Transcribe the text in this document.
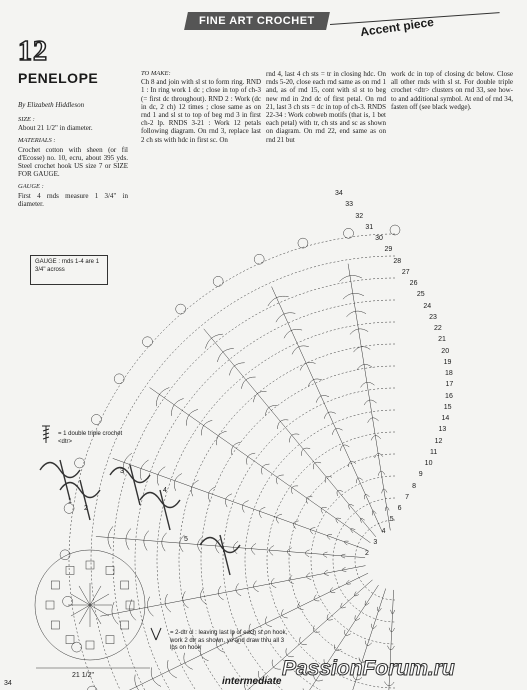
FINE ART CROCHET	Accent piece
12
PENELOPE
By Elizabeth Hiddleson
SIZE :
About 21 1/2" in diameter.
MATERIALS :
Crochet cotton with sheen (or fil d'Ecosse) no. 10, ecru, about 395 yds. Steel crochet hook US size 7 or SIZE FOR GAUGE.
GAUGE :
First 4 rnds measure 1 3/4" in diameter.
TO MAKE:
Ch 8 and join with sl st to form ring. RND 1 : In ring work 1 dc ; close in top of ch-3 (= first dc throughout). RND 2 : Work (dc in dc, 2 ch) 12 times ; close same as on rnd 1 and sl st to top of beg rnd 3 in first ch-2 lp. RNDS 3-21 : Work 12 petals following diagram. On rnd 3, replace last 2 ch sts with hdc in first sc. On
rnd 4, last 4 ch sts = tr in closing hdc. On rnds 5-20, close each rnd same as on rnd 1 and, as of rnd 15, cont with sl st to beg new rnd in 2nd dc of first petal. On rnd 21, last 3 ch sts = dc in top of ch-3. RNDS 22-34 : Work cobweb motifs (that is, 1 bet each petal) with tr, ch sts and sc as shown on diagram. On rnd 22, end same as on rnd 21 but
work dc in top of closing dc below. Close all other rnds with sl st. For double triple crochet <dtr> clusters on rnd 33, see how-to and additional symbol. At end of rnd 34, fasten off (see black wedge).
GAUGE : rnds 1-4 are 1 3/4" across
= 1 double triple crochet <dtr>
= 2-dtr cl : leaving last lp of each st on hook, work 2 dtr as shown, yo and draw thru all 3 lps on hook
34
33
32
31
30
29
28
27
26
25
24
23
22
21
20
19
18
17
16
15
14
13
12
11
10
9
8
7
6
5
4
3
2
1
2
3
4
5
21 1/2"
34	intermediate
PassionForum.ru
